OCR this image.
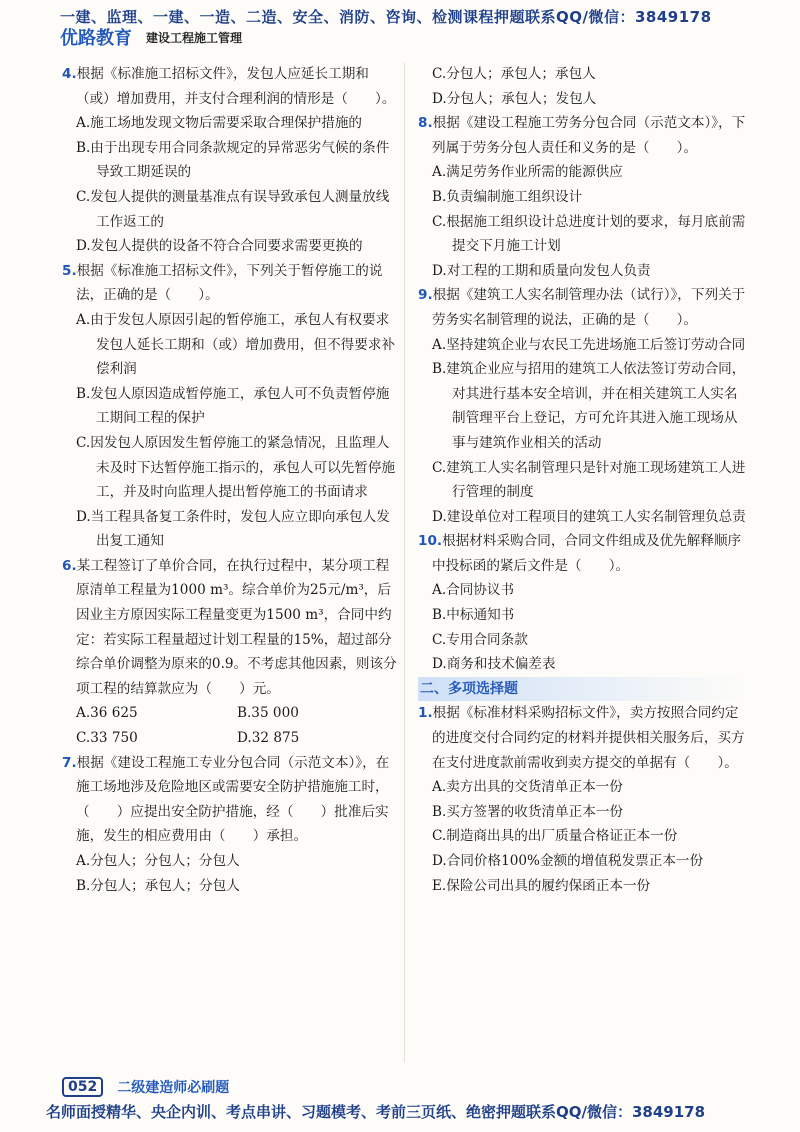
一建、监理、一建、一造、二造、安全、消防、咨询、检测课程押题联系QQ/微信：3849178
优路教育 建设工程施工管理
4.根据《标准施工招标文件》，发包人应延长工期和（或）增加费用，并支付合理利润的情形是（　　）。
A.施工场地发现文物后需要采取合理保护措施的
B.由于出现专用合同条款规定的异常恶劣气候的条件导致工期延误的
C.发包人提供的测量基准点有误导致承包人测量放线工作返工的
D.发包人提供的设备不符合合同要求需要更换的
5.根据《标准施工招标文件》，下列关于暂停施工的说法，正确的是（　　）。
A.由于发包人原因引起的暂停施工，承包人有权要求发包人延长工期和（或）增加费用，但不得要求补偿利润
B.发包人原因造成暂停施工，承包人可不负责暂停施工期间工程的保护
C.因发包人原因发生暂停施工的紧急情况，且监理人未及时下达暂停施工指示的，承包人可以先暂停施工，并及时向监理人提出暂停施工的书面请求
D.当工程具备复工条件时，发包人应立即向承包人发出复工通知
6.某工程签订了单价合同，在执行过程中，某分项工程原清单工程量为1000 m³。综合单价为25元/m³，后因业主方原因实际工程量变更为1500 m³，合同中约定：若实际工程量超过计划工程量的15%，超过部分综合单价调整为原来的0.9。不考虑其他因素，则该分项工程的结算款应为（　　）元。
A.36 625	B.35 000
C.33 750	D.32 875
7.根据《建设工程施工专业分包合同（示范文本）》，在施工场地涉及危险地区或需要安全防护措施施工时，（　　）应提出安全防护措施，经（　　）批准后实施，发生的相应费用由（　　）承担。
A.分包人；分包人；分包人
B.分包人；承包人；分包人
C.分包人；承包人；承包人
D.分包人；承包人；发包人
8.根据《建设工程施工劳务分包合同（示范文本）》，下列属于劳务分包人责任和义务的是（　　）。
A.满足劳务作业所需的能源供应
B.负责编制施工组织设计
C.根据施工组织设计总进度计划的要求，每月底前需提交下月施工计划
D.对工程的工期和质量向发包人负责
9.根据《建筑工人实名制管理办法（试行）》，下列关于劳务实名制管理的说法，正确的是（　　）。
A.坚持建筑企业与农民工先进场施工后签订劳动合同
B.建筑企业应与招用的建筑工人依法签订劳动合同，对其进行基本安全培训，并在相关建筑工人实名制管理平台上登记，方可允许其进入施工现场从事与建筑作业相关的活动
C.建筑工人实名制管理只是针对施工现场建筑工人进行管理的制度
D.建设单位对工程项目的建筑工人实名制管理负总责
10.根据材料采购合同，合同文件组成及优先解释顺序中投标函的紧后文件是（　　）。
A.合同协议书
B.中标通知书
C.专用合同条款
D.商务和技术偏差表
二、多项选择题
1.根据《标准材料采购招标文件》，卖方按照合同约定的进度交付合同约定的材料并提供相关服务后，买方在支付进度款前需收到卖方提交的单据有（　　）。
A.卖方出具的交货清单正本一份
B.买方签署的收货清单正本一份
C.制造商出具的出厂质量合格证正本一份
D.合同价格100%金额的增值税发票正本一份
E.保险公司出具的履约保函正本一份
052	二级建造师必刷题
名师面授精华、央企内训、考点串讲、习题模考、考前三页纸、绝密押题联系QQ/微信：3849178
